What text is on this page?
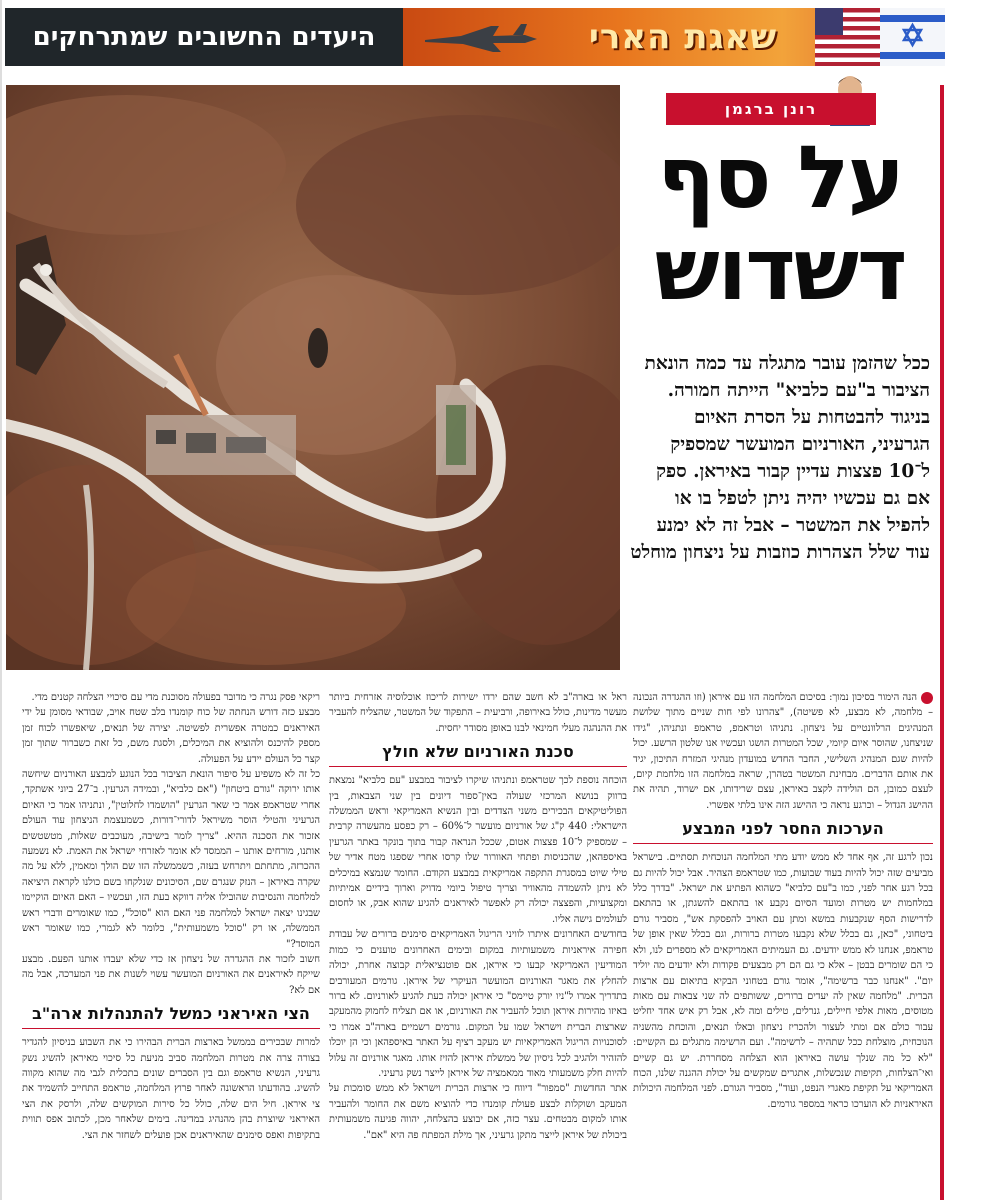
היעדים החשובים שמתרחקים	שאגת הארי
רונן ברגמן
על סף
דשדוש
ככל שהזמן עובר מתגלה עד כמה הונאת הציבור ב"עם כלביא" הייתה חמורה. בניגוד להבטחות על הסרת האיום הגרעיני, האורניום המועשר שמספיק ל־10 פצצות עדיין קבור באיראן. ספק אם גם עכשיו יהיה ניתן לטפל בו או להפיל את המשטר – אבל זה לא ימנע עוד שלל הצהרות כוזבות על ניצחון מוחלט

הנה הימור בסיכון נמוך: בסיכום המלחמה הזו עם איראן (וזו ההגדרה הנכונה – מלחמה, לא מבצע, לא פשיטה), "צהרונו לפי חות שניים מתוך שלושת המנהיגים הרלוונטיים על ניצחון. נתניהו וטראמפ, טראמפ ונתניהו, "גידו שניצחנו, שהוסר איום קיומי, שכל המטרות הושגו ועכשיו אנו שלטון הרשע. יכול להיות שגם המנהיג השלישי, החבר החדש במועדון מנהיגי המזרח התיכון, יגיד את אותם הדברים. מבחינת המשטר בטהרן, שראה במלחמה הזו מלחמת קיום, לעצם כמובן, הם הולידה לקצב באיראן, עצם שרידותו, אם ישרוד, תהיה את ההישג הגדול – וכרגע נראה כי ההישג הזה אינו בלתי אפשרי.

הערכות החסר לפני המבצע

נכון לרגע זה, אף אחד לא ממש יודע מתי המלחמה הנוכחית תסתיים. בישראל מביעים שזה יכול להיות בעוד שבועות, כמו שטראמפ הצהיר. אבל יכול להיות גם בכל רגע אחר לפני, כמו ב"עם כלביא" כשהוא הפתיע את ישראל. "בדרך כלל במלחמות יש מטרות ומועד הסיום נקבע או בהתאם להשגתן, או בהתאם לדרישות הסף שנקבעות במשא ומתן עם האויב להפסקת אש", מסביר גורם ביטחוני, "כאן, גם בכלל שלא נקבעו מטרות ברורות, וגם בכלל שאין אופן של טראמפ, אנחנו לא ממש יודעים. גם העמיתים האמריקאים לא מספרים לנו, ולא כי הם שומרים בבטן – אלא כי גם הם רק מבצעים פקודות ולא יודעים מה יוליד יום". "אנחנו כבר ברשימה", אומר גורם בטחוני הבקיא בתיאום עם ארצות הברית. "מלחמה שאין לה יעדים ברורים, ששותפים לה שני צבאות עם מאות מטוסים, מאות אלפי חיילים, גנרלים, טילים ומה לא, אבל רק איש אחד יחליט עבור כולם אם ומתי לעצור ולהכריז ניצחון ובאלו תנאים, והוכחת מהשניה הנוכחית, מוצלחת ככל שתהיה – לרשימה". ועם הרשימה מתגלים גם הקשיים: "לא כל מה שנלך עושה באיראן הוא הצלחה מסחררת. יש גם קשיים ואי־הצלחות, תקיפות שנכשלות, אתגרים שמקשים על יכולת ההגנה שלנו, הכוח האמריקאי על תקיפת מאגרי הנפט, ועוד", מסביר הגורם. לפני המלחמה היכולות האיראניות לא הוערכו כראוי במספר גורמים.

ראל או בארה"ב לא חשב שהם ירדו ישירות לריכוז אוכלוסיה אזרחית ביותר מעשר מדינות, כולל באירופה, ורביעית – התפקוד של המשטר, שהצליח להעביר את ההנהגה מעלי חמינאי לבנו באופן מסודר יחסית.

סכנת האורניום שלא חולץ

הוכחה נוספת לכך שטראמפ ונתניהו שיקרו לציבור במבצע "עם כלביא" נמצאת ברווק בנושא המרכזי שעולה באין־ספור דיונים בין שני הצבאות, בין הפוליטיקאים הבכירים משני הצדדים ובין הנשיא האמריקאי וראש הממשלה הישראלי: 440 ק"ג של אורניום מועשר ל־60% – רק כפסע מהעשרה קרבית – שמספיק ל־10 פצצות אטום, שככל הנראה קבור בתוך בונקר באתר הגרעין באיספהאן, שהכניסות ופתחי האוורור שלו קרסו אחרי שספגו מטח אדיר של טילי שיוט במסגרת התקפה אמריקאית במבצע הקודם. החומר שנמצא במיכלים לא ניתן להשמדה מהאוויר וצריך טיפול ביומי מדויק וארוך בידיים אמיתיות ומקצועיות, והפצצה יכולה רק לאפשר לאיראנים להגיע שהוא אבק, או לחסום לעולמים גישה אליו.

בחודשים האחרונים איתרו לוויני הריגול האמריקאים סימנים ברורים של עבודת חפירה איראניות משמעותיות במקום ובימים האחרונים טוענים כי כמות המודיעין האמריקאי קבעו כי איראן, אם פוטנציאלית קבוצה אחרת, יכולה להחלץ את מאגר האורניום המועשר העיקרי של איראן. גורמים המעורבים בתדריך אמרו ל"ניו יורק טיימס" כי איראן יכולה כעת להגיע לאורניום. לא ברור באיזו מהירות איראן תוכל להעביר את האורניום, או אם תצליח לחמוק מהמעקב שארצות הברית וישראל שמו על המקום. גורמים רשמיים בארה"ב אמרו כי לסוכנויות הריגול האמריקאיות יש מעקב רציף על האתר באיספהאן וכי הן יוכלו להזהיר ולהגיב לכל ניסיון של ממשלת איראן להזיז אותו. מאגר אורניום זה עלול להיות חלק משמעותי מאוד ממאמציה של איראן לייצר נשק גרעיני.

אתר החדשות "סמפור" דיווח כי ארצות הברית וישראל לא ממש סומכות על המעקב ושוקלות לבצע פעולת קומנדו כדי להוציא משם את החומר ולהעביר אותו למקום מבטחים. עצר כזה, אם יבוצע בהצלחה, יהווה פגיעה משמעותית ביכולת של איראן לייצר מתקן גרעיני, אך מילת המפתח פה היא "אם".

ריקאי פסק נגרה כי מדובר בפעולה מסוכנת מדי עם סיכויי הצלחה קטנים מדי.

מבצע כזה דורש הנחתה של כוח קומנדו בלב שטח אויב, שבודאי מסומן על ידי האיראנים כמטרה אפשרית לפשיטה. יצירה של תנאים, שיאפשרו לכוח זמן מספק להיכנס ולהוציא את המיכלים, ולסגת משם, כל זאת כשברור שתוך זמן קצר כל העולם יידע על הפעולה.

כל זה לא משפיע על סיפור הונאת הציבור בכל הנוגע למבצע האורניום שיחשה אותו ירוקה "גורם ביטחון" ("אם כלביא", ובמידה הגרעין. ב־27 ביוני אשתקד, אחרי שטראמפ אמר כי שאר הגרעין "הושמדו לחלוטין", ונתניהו אמר כי האיום הגרעיני והטילי הוסר משיראל לדורי־דורות, כשמעצמת הניצחון עוד העולם אזכור את הסכנה ההיא. "צריך לומר בישיבה, מעוכבים שאלות, מטשטשים אותנו, מורחים אותנו – הממסד לא אומר לאזרחי ישראל את האמת. לא נשמעה ההכרזה, מתחתם ויתרחש בעזה, כשממשלה הזו שם הולך ומאמין, ללא על מה שקרה באיראן – הנזק שנגרם שם, הסיכונים שנלקחו בשם כולנו לקראת היציאה למלחמה והנסיבות שהובילו אליה דווקא בעת הזו, ועכשיו – האם האיום הוקיימו שבגינו יצאה ישראל למלחמה פני האם הוא "סוכל", כמו שאומרים ודברי ראש הממשלה, או רק "סוכל משמעותית", כלומר לא לגמרי, כמו שאומר ראש המוסד?"

חשוב לזכור את ההגדרה של ניצחון אז כדי שלא יעבדו אותנו הפעם. מבצע שייקח לאיראנים את האורניום המועשר עשוי לשנות את פני המערכה, אבל מה אם לא?

הצי האיראני כמשל להתנהלות ארה"ב

למרות שבכירים בממשל בארצות הברית הבהירו כי את השבוע בניסיון להגדיר בצורה צרה את מטרות המלחמה סביב מניעת כל סיכוי מאיראן להשיג נשק גרעיני, הנשיא טראמפ וגם בין הסברים שונים בתכלית לגבי מה שהוא מקווה להשיג. בהודעתו הראשונה לאחר פרוץ המלחמה, טראמפ התחייב להשמיד את צי איראן. חיל הים שלה, כולל כל סירות המוקשים שלה, ולרסק את הצי האיראני שיוצרת בהן מהנהיג במדינה. בימים שלאחר מכן, לכתוב אפס תווית בתקיפות ואפס סימנים שהאיראנים אכן פועלים לשחזר את הצי.
